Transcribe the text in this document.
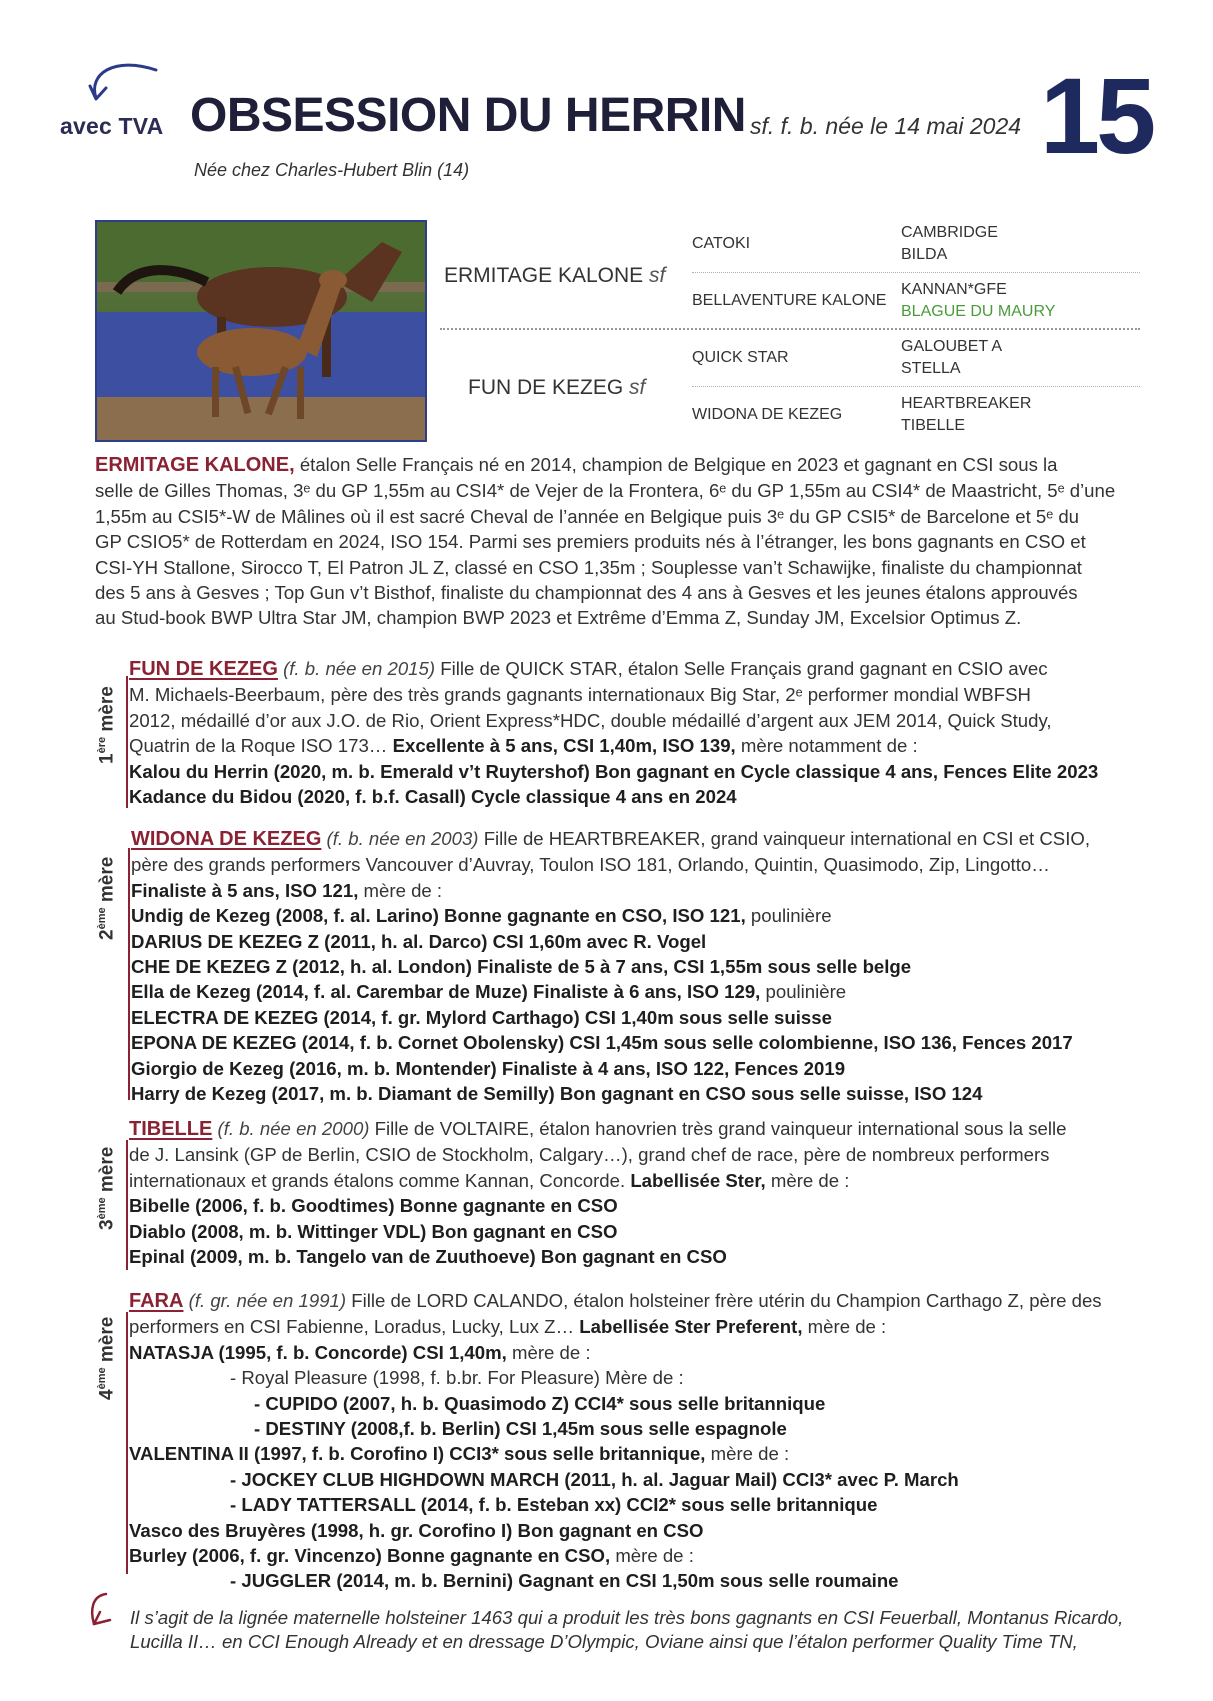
avec TVA OBSESSION DU HERRIN sf. f. b. née le 14 mai 2024 15
Née chez Charles-Hubert Blin (14)
ERMITAGE KALONE sf
FUN DE KEZEG sf
CATOKI
BELLAVENTURE KALONE
QUICK STAR
WIDONA DE KEZEG
CAMBRIDGE
BILDA
KANNAN*GFE
BLAGUE DU MAURY
GALOUBET A
STELLA
HEARTBREAKER
TIBELLE
ERMITAGE KALONE, étalon Selle Français né en 2014, champion de Belgique en 2023 et gagnant en CSI sous la
selle de Gilles Thomas, 3ᵉ du GP 1,55m au CSI4* de Vejer de la Frontera, 6ᵉ du GP 1,55m au CSI4* de Maastricht, 5ᵉ d’une
1,55m au CSI5*-W de Mâlines où il est sacré Cheval de l’année en Belgique puis 3ᵉ du GP CSI5* de Barcelone et 5ᵉ du
GP CSIO5* de Rotterdam en 2024, ISO 154. Parmi ses premiers produits nés à l’étranger, les bons gagnants en CSO et
CSI-YH Stallone, Sirocco T, El Patron JL Z, classé en CSO 1,35m ; Souplesse van’t Schawijke, finaliste du championnat
des 5 ans à Gesves ; Top Gun v’t Bisthof, finaliste du championnat des 4 ans à Gesves et les jeunes étalons approuvés
au Stud-book BWP Ultra Star JM, champion BWP 2023 et Extrême d’Emma Z, Sunday JM, Excelsior Optimus Z.
1ère mère
FUN DE KEZEG (f. b. née en 2015) Fille de QUICK STAR, étalon Selle Français grand gagnant en CSIO avec
M. Michaels-Beerbaum, père des très grands gagnants internationaux Big Star, 2ᵉ performer mondial WBFSH
2012, médaillé d’or aux J.O. de Rio, Orient Express*HDC, double médaillé d’argent aux JEM 2014, Quick Study,
Quatrin de la Roque ISO 173… Excellente à 5 ans, CSI 1,40m, ISO 139, mère notamment de :
Kalou du Herrin (2020, m. b. Emerald v’t Ruytershof) Bon gagnant en Cycle classique 4 ans, Fences Elite 2023
Kadance du Bidou (2020, f. b.f. Casall) Cycle classique 4 ans en 2024
2ème mère
WIDONA DE KEZEG (f. b. née en 2003) Fille de HEARTBREAKER, grand vainqueur international en CSI et CSIO,
père des grands performers Vancouver d’Auvray, Toulon ISO 181, Orlando, Quintin, Quasimodo, Zip, Lingotto…
Finaliste à 5 ans, ISO 121, mère de :
Undig de Kezeg (2008, f. al. Larino) Bonne gagnante en CSO, ISO 121, poulinière
DARIUS DE KEZEG Z (2011, h. al. Darco) CSI 1,60m avec R. Vogel
CHE DE KEZEG Z (2012, h. al. London) Finaliste de 5 à 7 ans, CSI 1,55m sous selle belge
Ella de Kezeg (2014, f. al. Carembar de Muze) Finaliste à 6 ans, ISO 129, poulinière
ELECTRA DE KEZEG (2014, f. gr. Mylord Carthago) CSI 1,40m sous selle suisse
EPONA DE KEZEG (2014, f. b. Cornet Obolensky) CSI 1,45m sous selle colombienne, ISO 136, Fences 2017
Giorgio de Kezeg (2016, m. b. Montender) Finaliste à 4 ans, ISO 122, Fences 2019
Harry de Kezeg (2017, m. b. Diamant de Semilly) Bon gagnant en CSO sous selle suisse, ISO 124
3ème mère
TIBELLE (f. b. née en 2000) Fille de VOLTAIRE, étalon hanovrien très grand vainqueur international sous la selle
de J. Lansink (GP de Berlin, CSIO de Stockholm, Calgary…), grand chef de race, père de nombreux performers
internationaux et grands étalons comme Kannan, Concorde. Labellisée Ster, mère de :
Bibelle (2006, f. b. Goodtimes) Bonne gagnante en CSO
Diablo (2008, m. b. Wittinger VDL) Bon gagnant en CSO
Epinal (2009, m. b. Tangelo van de Zuuthoeve) Bon gagnant en CSO
4ème mère
FARA (f. gr. née en 1991) Fille de LORD CALANDO, étalon holsteiner frère utérin du Champion Carthago Z, père des
performers en CSI Fabienne, Loradus, Lucky, Lux Z… Labellisée Ster Preferent, mère de :
NATASJA (1995, f. b. Concorde) CSI 1,40m, mère de :
- Royal Pleasure (1998, f. b.br. For Pleasure) Mère de :
- CUPIDO (2007, h. b. Quasimodo Z) CCI4* sous selle britannique
- DESTINY (2008,f. b. Berlin) CSI 1,45m sous selle espagnole
VALENTINA II (1997, f. b. Corofino I) CCI3* sous selle britannique, mère de :
- JOCKEY CLUB HIGHDOWN MARCH (2011, h. al. Jaguar Mail) CCI3* avec P. March
- LADY TATTERSALL (2014, f. b. Esteban xx) CCI2* sous selle britannique
Vasco des Bruyères (1998, h. gr. Corofino I) Bon gagnant en CSO
Burley (2006, f. gr. Vincenzo) Bonne gagnante en CSO, mère de :
- JUGGLER (2014, m. b. Bernini) Gagnant en CSI 1,50m sous selle roumaine
Il s’agit de la lignée maternelle holsteiner 1463 qui a produit les très bons gagnants en CSI Feuerball, Montanus Ricardo, Lucilla II… en CCI Enough Already et en dressage D’Olympic, Oviane ainsi que l’étalon performer Quality Time TN,
